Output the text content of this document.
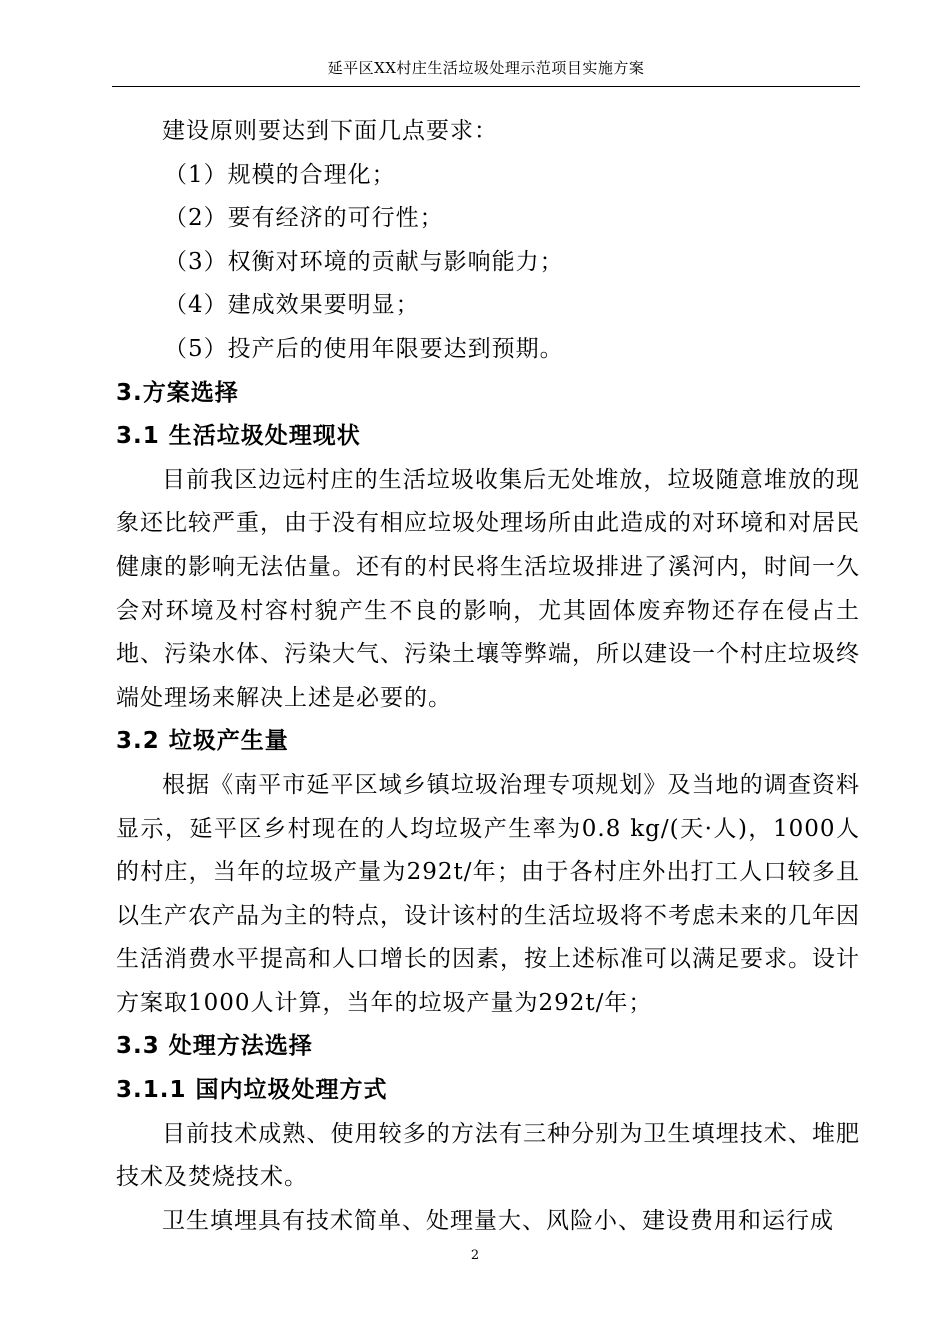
延平区XX村庄生活垃圾处理示范项目实施方案

建设原则要达到下面几点要求：

（1）规模的合理化；

（2）要有经济的可行性；

（3）权衡对环境的贡献与影响能力；

（4）建成效果要明显；

（5）投产后的使用年限要达到预期。

3.方案选择
3.1 生活垃圾处理现状

目前我区边远村庄的生活垃圾收集后无处堆放，垃圾随意堆放的现象还比较严重，由于没有相应垃圾处理场所由此造成的对环境和对居民健康的影响无法估量。还有的村民将生活垃圾排进了溪河内，时间一久会对环境及村容村貌产生不良的影响，尤其固体废弃物还存在侵占土地、污染水体、污染大气、污染土壤等弊端，所以建设一个村庄垃圾终端处理场来解决上述是必要的。

3.2 垃圾产生量

根据《南平市延平区域乡镇垃圾治理专项规划》及当地的调查资料显示，延平区乡村现在的人均垃圾产生率为0.8 kg/(天·人)，1000人的村庄，当年的垃圾产量为292t/年；由于各村庄外出打工人口较多且以生产农产品为主的特点，设计该村的生活垃圾将不考虑未来的几年因生活消费水平提高和人口增长的因素，按上述标准可以满足要求。设计方案取1000人计算，当年的垃圾产量为292t/年；

3.3 处理方法选择
3.1.1 国内垃圾处理方式

目前技术成熟、使用较多的方法有三种分别为卫生填埋技术、堆肥技术及焚烧技术。

卫生填埋具有技术简单、处理量大、风险小、建设费用和运行成

2
